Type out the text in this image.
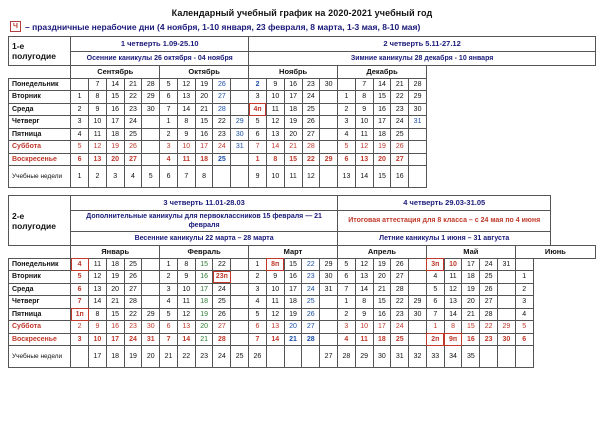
Календарный учебный график на 2020-2021 учебный год
Ч – праздничные нерабочие дни (4 ноября, 1-10 января, 23 февраля, 8 марта, 1-3 мая, 8-10 мая)
1-е полугодие	1 четверть 1.09-25.10										2 четверть 5.11-27.12										
	Осенние каникулы 26 октября - 04 ноября										Зимние каникулы 28 декабря - 10 января										

	Сентябрь					Октябрь					Ноябрь					Декабрь					
Понедельник		7	14	21	28	5	12	19	26		2	9	16	23	30		7	14	21	28	
Вторник	1	8	15	22	29	6	13	20	27		3	10	17	24		1	8	15	22	29	
Среда	2	9	16	23	30	7	14	21	28		4п	11	18	25		2	9	16	23	30	
Четверг	3	10	17	24		1	8	15	22	29	5	12	19	26		3	10	17	24	31	
Пятница	4	11	18	25		2	9	16	23	30	6	13	20	27		4	11	18	25		
Суббота	5	12	19	26		3	10	17	24	31	7	14	21	28		5	12	19	26		
Воскресенье	6	13	20	27		4	11	18	25		1	8	15	22	29	6	13	20	27		
Учебные недели	1	2	3	4	5	6	7	8			9	10	11	12		13	14	15	16		
2-е полугодие	3 четверть 11.01-28.03															4 четверть 29.03-31.05											
	Дополнительные каникулы для первоклассников 15 февраля — 21 февраля															Итоговая аттестация для 8 класса – с 24 мая по 4 июня											
	Весенние каникулы 22 марта – 28 марта															Летние каникулы 1 июня – 31 августа											
	Январь					Февраль					Март					Апрель					Май					Июнь	
Понедельник	4	11	18	25		1	8	15	22		1	8п	15	22	29	5	12	19	26		3п	10	17	24	31		
Вторник	5	12	19	26		2	9	16	23п		2	9	16	23	30	6	13	20	27		4	11	18	25		1	
Среда	6	13	20	27		3	10	17	24		3	10	17	24	31	7	14	21	28		5	12	19	26		2	
Четверг	7	14	21	28		4	11	18	25		4	11	18	25		1	8	15	22	29	6	13	20	27		3	
Пятница	1п	8	15	22	29	5	12	19	26		5	12	19	26		2	9	16	23	30	7	14	21	28		4	
Суббота	2	9	16	23	30	6	13	20	27		6	13	20	27		3	10	17	24		1	8	15	22	29	5	
Воскресенье	3	10	17	24	31	7	14	21	28		7	14	21	28		4	11	18	25		2п	9п	16	23	30	6	
Учебные недели		17	18	19	20	21	22	23	24	25	26				27	28	29	30	31	32	33	34	35				
